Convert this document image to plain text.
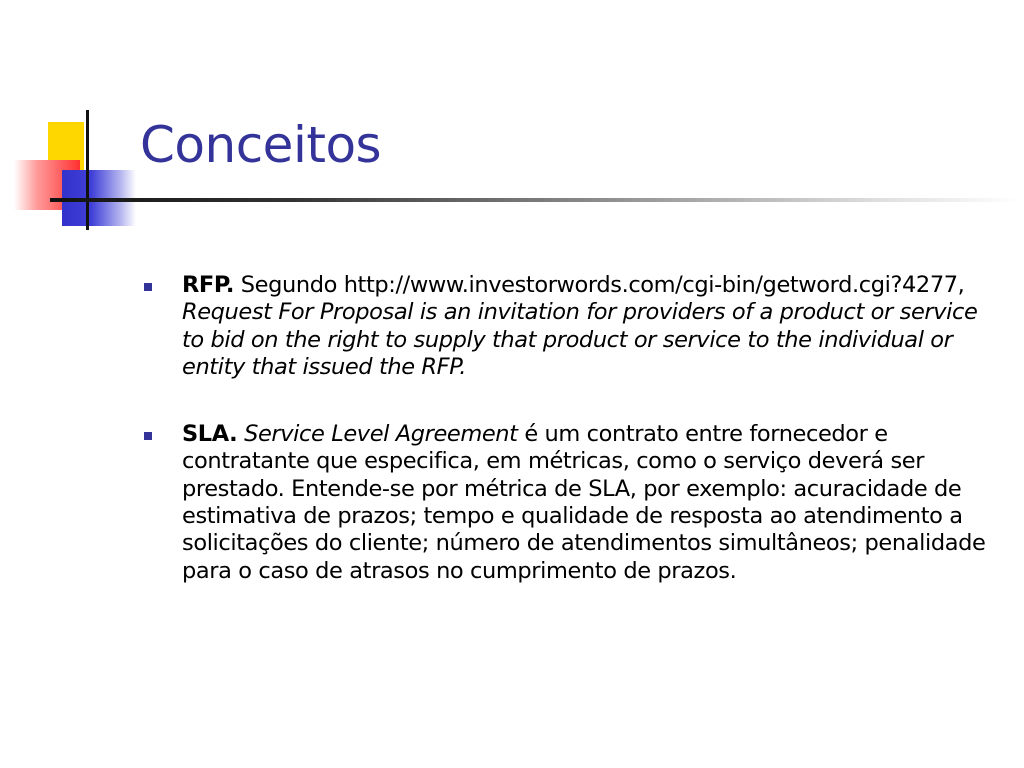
Conceitos
RFP. Segundo http://www.investorwords.com/cgi-bin/getword.cgi?4277, Request For Proposal is an invitation for providers of a product or service to bid on the right to supply that product or service to the individual or entity that issued the RFP.
SLA. Service Level Agreement é um contrato entre fornecedor e contratante que especifica, em métricas, como o serviço deverá ser prestado. Entende-se por métrica de SLA, por exemplo: acuracidade de estimativa de prazos; tempo e qualidade de resposta ao atendimento a solicitações do cliente; número de atendimentos simultâneos; penalidade para o caso de atrasos no cumprimento de prazos.
